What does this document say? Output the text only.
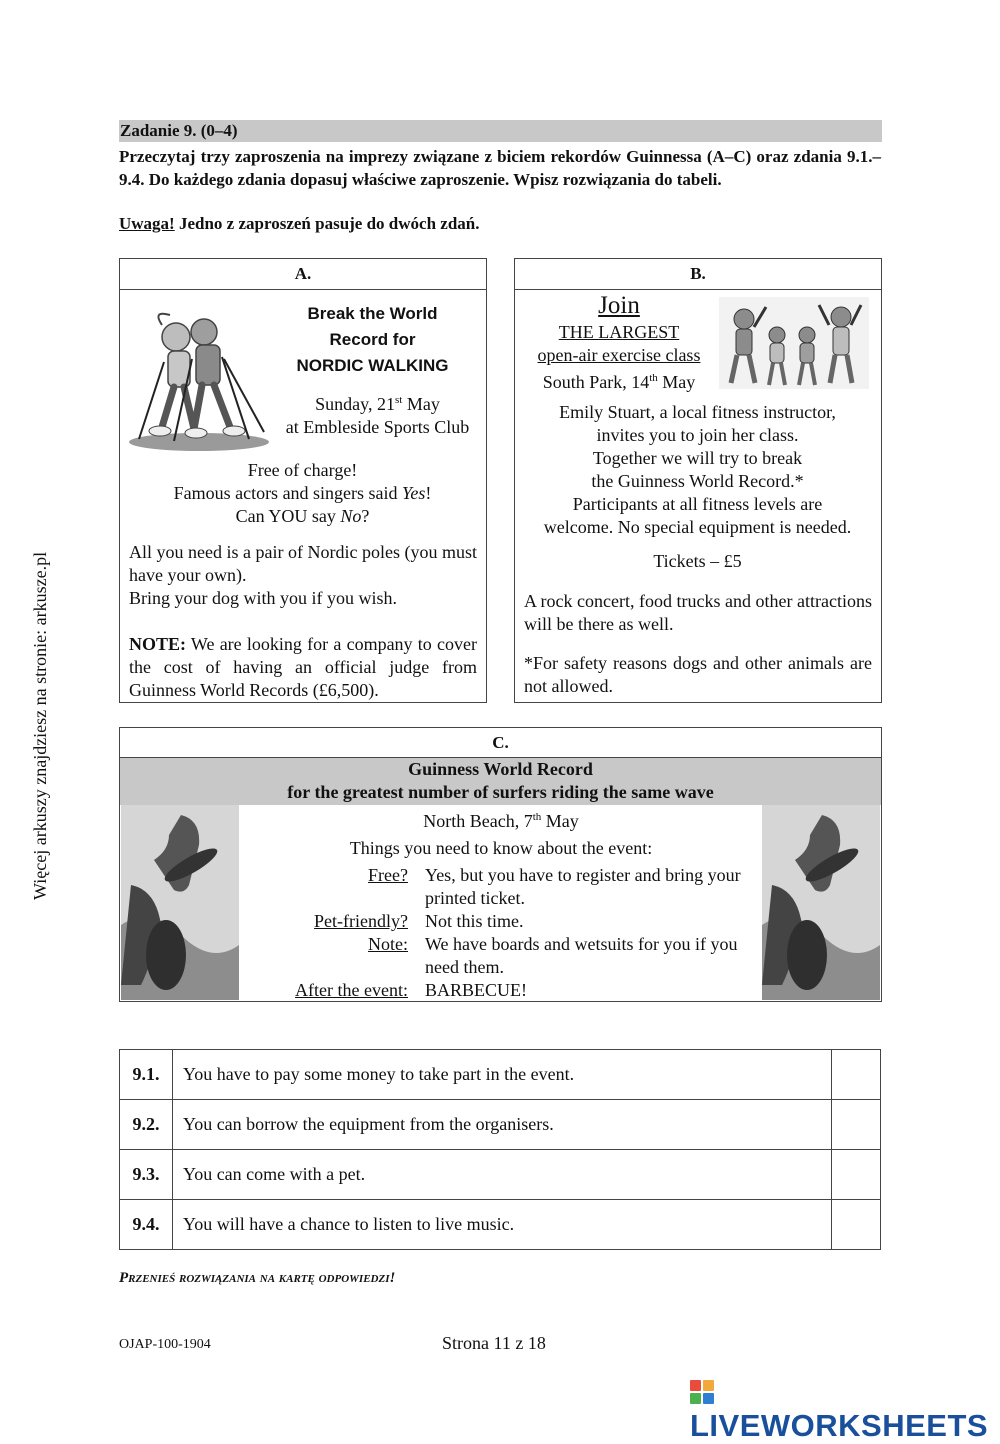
Więcej arkuszy znajdziesz na stronie: arkusze.pl
Zadanie 9. (0–4)
Przeczytaj trzy zaproszenia na imprezy związane z biciem rekordów Guinnessa (A–C) oraz zdania 9.1.–9.4. Do każdego zdania dopasuj właściwe zaproszenie. Wpisz rozwiązania do tabeli.
Uwaga! Jedno z zaproszeń pasuje do dwóch zdań.
A.
Break the World
Record for
NORDIC WALKING
Sunday, 21st May
at Embleside Sports Club
Free of charge!
Famous actors and singers said Yes!
Can YOU say No?
All you need is a pair of Nordic poles (you must have your own).
Bring your dog with you if you wish.
NOTE: We are looking for a company to cover the cost of having an official judge from Guinness World Records (£6,500).
B.
Join
THE LARGEST
open-air exercise class
South Park, 14th May
Emily Stuart, a local fitness instructor,
invites you to join her class.
Together we will try to break
the Guinness World Record.*
Participants at all fitness levels are
welcome. No special equipment is needed.
Tickets – £5
A rock concert, food trucks and other attractions will be there as well.
*For safety reasons dogs and other animals are not allowed.
C.
Guinness World Record
for the greatest number of surfers riding the same wave
North Beach, 7th May
Things you need to know about the event:
Free? Yes, but you have to register and bring your printed ticket.
Pet-friendly? Not this time.
Note: We have boards and wetsuits for you if you need them.
After the event: BARBECUE!
9.1.	You have to pay some money to take part in the event.	
9.2.	You can borrow the equipment from the organisers.	
9.3.	You can come with a pet.	
9.4.	You will have a chance to listen to live music.	
Przenieś rozwiązania na kartę odpowiedzi!
OJAP-100-1904	Strona 11 z 18
LIVEWORKSHEETS
